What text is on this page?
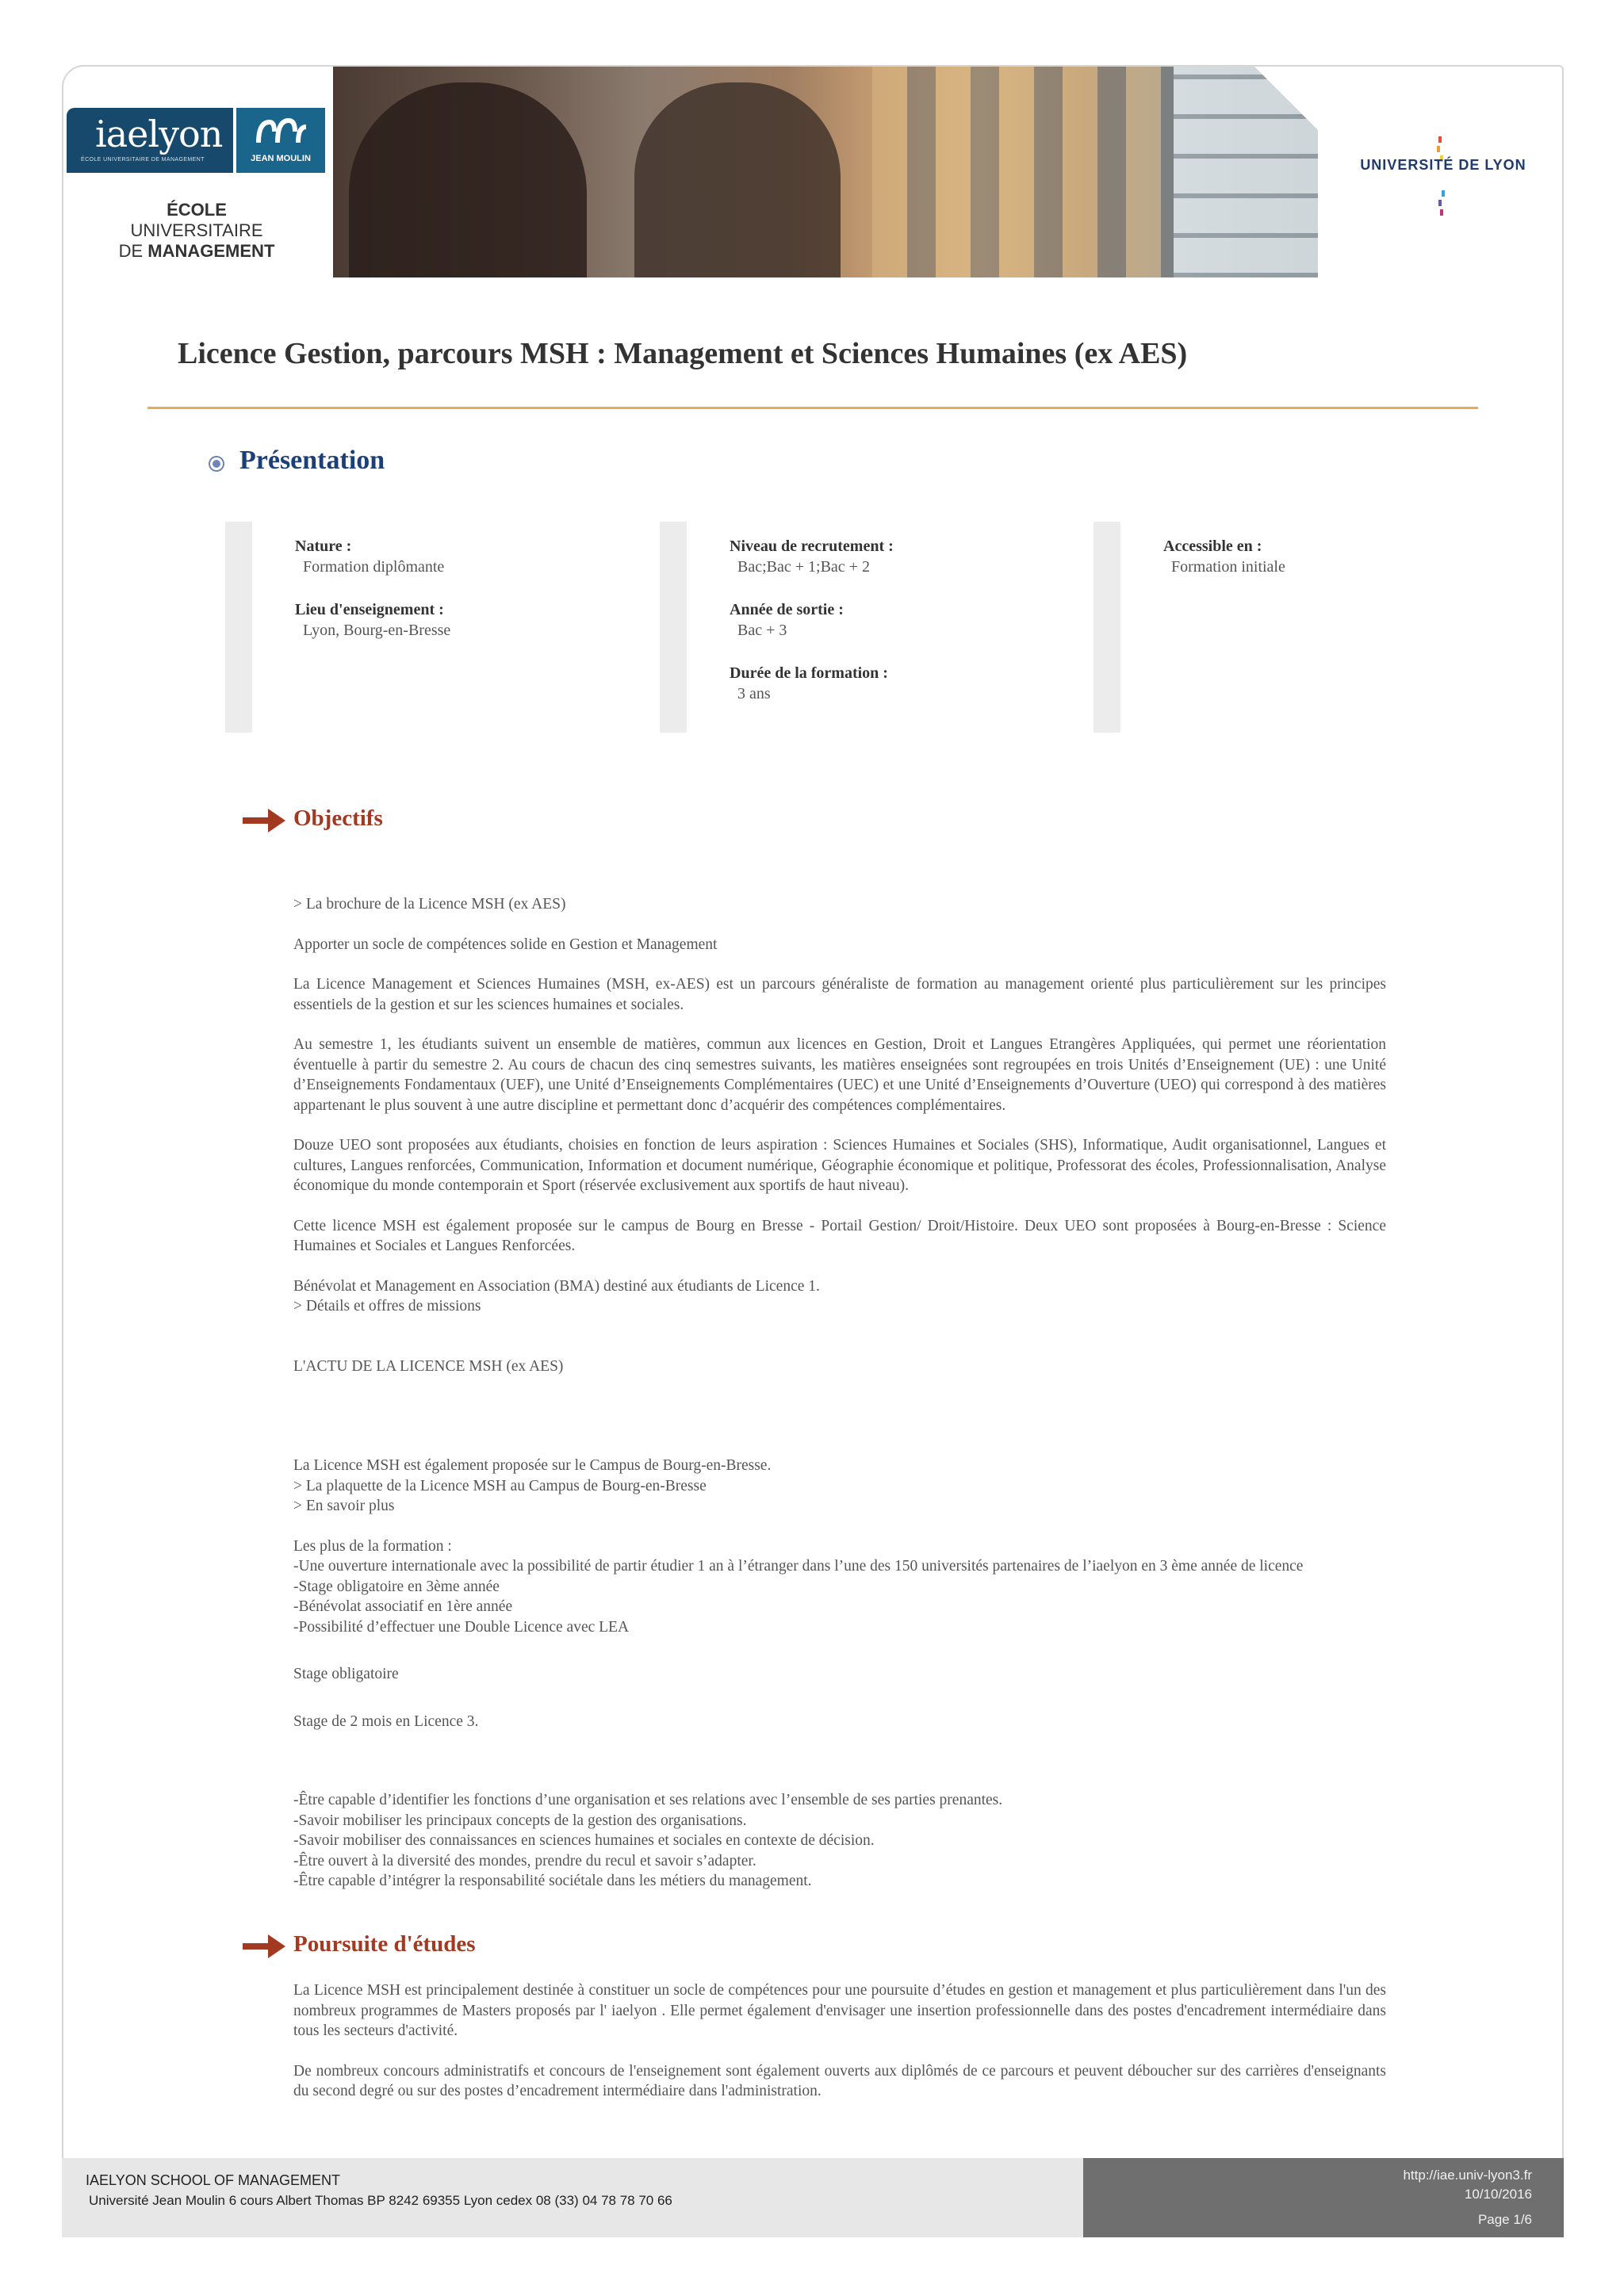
iaelyon
ÉCOLE UNIVERSITAIRE DE MANAGEMENT	JEAN MOULIN
ÉCOLE UNIVERSITAIRE
DE MANAGEMENT
UNIVERSITÉ DE LYON
Licence Gestion, parcours MSH : Management et Sciences Humaines (ex AES)
Présentation
Nature :
Formation diplômante
Lieu d'enseignement :
Lyon, Bourg-en-Bresse
Niveau de recrutement :
Bac;Bac + 1;Bac + 2
Année de sortie :
Bac + 3
Durée de la formation :
3 ans
Accessible en :
Formation initiale
Objectifs

> La brochure de la Licence MSH (ex AES)

Apporter un socle de compétences solide en Gestion et Management

La Licence Management et Sciences Humaines (MSH, ex-AES) est un parcours généraliste de formation au management orienté plus particulièrement sur les principes essentiels de la gestion et sur les sciences humaines et sociales.

Au semestre 1, les étudiants suivent un ensemble de matières, commun aux licences en Gestion, Droit et Langues Etrangères Appliquées, qui permet une réorientation éventuelle à partir du semestre 2. Au cours de chacun des cinq semestres suivants, les matières enseignées sont regroupées en trois Unités d’Enseignement (UE) : une Unité d’Enseignements Fondamentaux (UEF), une Unité d’Enseignements Complémentaires (UEC) et une Unité d’Enseignements d’Ouverture (UEO) qui correspond à des matières appartenant le plus souvent à une autre discipline et permettant donc d’acquérir des compétences complémentaires.

Douze UEO sont proposées aux étudiants, choisies en fonction de leurs aspiration : Sciences Humaines et Sociales (SHS), Informatique, Audit organisationnel, Langues et cultures, Langues renforcées, Communication, Information et document numérique, Géographie économique et politique, Professorat des écoles, Professionnalisation, Analyse économique du monde contemporain et Sport (réservée exclusivement aux sportifs de haut niveau).

Cette licence MSH est également proposée sur le campus de Bourg en Bresse - Portail Gestion/ Droit/Histoire. Deux UEO sont proposées à Bourg-en-Bresse : Science Humaines et Sociales et Langues Renforcées.

Bénévolat et Management en Association (BMA) destiné aux étudiants de Licence 1.

> Détails et offres de missions

L'ACTU DE LA LICENCE MSH (ex AES)

La Licence MSH est également proposée sur le Campus de Bourg-en-Bresse.

> La plaquette de la Licence MSH au Campus de Bourg-en-Bresse

> En savoir plus

Les plus de la formation :

-Une ouverture internationale avec la possibilité de partir étudier 1 an à l’étranger dans l’une des 150 universités partenaires de l’iaelyon en 3 ème année de licence

-Stage obligatoire en 3ème année

-Bénévolat associatif en 1ère année

-Possibilité d’effectuer une Double Licence avec LEA

Stage obligatoire

Stage de 2 mois en Licence 3.

-Être capable d’identifier les fonctions d’une organisation et ses relations avec l’ensemble de ses parties prenantes.

-Savoir mobiliser les principaux concepts de la gestion des organisations.

-Savoir mobiliser des connaissances en sciences humaines et sociales en contexte de décision.

-Être ouvert à la diversité des mondes, prendre du recul et savoir s’adapter.

-Être capable d’intégrer la responsabilité sociétale dans les métiers du management.

Poursuite d'études

La Licence MSH est principalement destinée à constituer un socle de compétences pour une poursuite d’études en gestion et management et plus particulièrement dans l'un des nombreux programmes de Masters proposés par l' iaelyon . Elle permet également d'envisager une insertion professionnelle dans des postes d'encadrement intermédiaire dans tous les secteurs d'activité.

De nombreux concours administratifs et concours de l'enseignement sont également ouverts aux diplômés de ce parcours et peuvent déboucher sur des carrières d'enseignants du second degré ou sur des postes d’encadrement intermédiaire dans l'administration.

IAELYON SCHOOL OF MANAGEMENT
Université Jean Moulin 6 cours Albert Thomas BP 8242 69355 Lyon cedex 08 (33) 04 78 78 70 66
http://iae.univ-lyon3.fr
10/10/2016
Page 1/6
